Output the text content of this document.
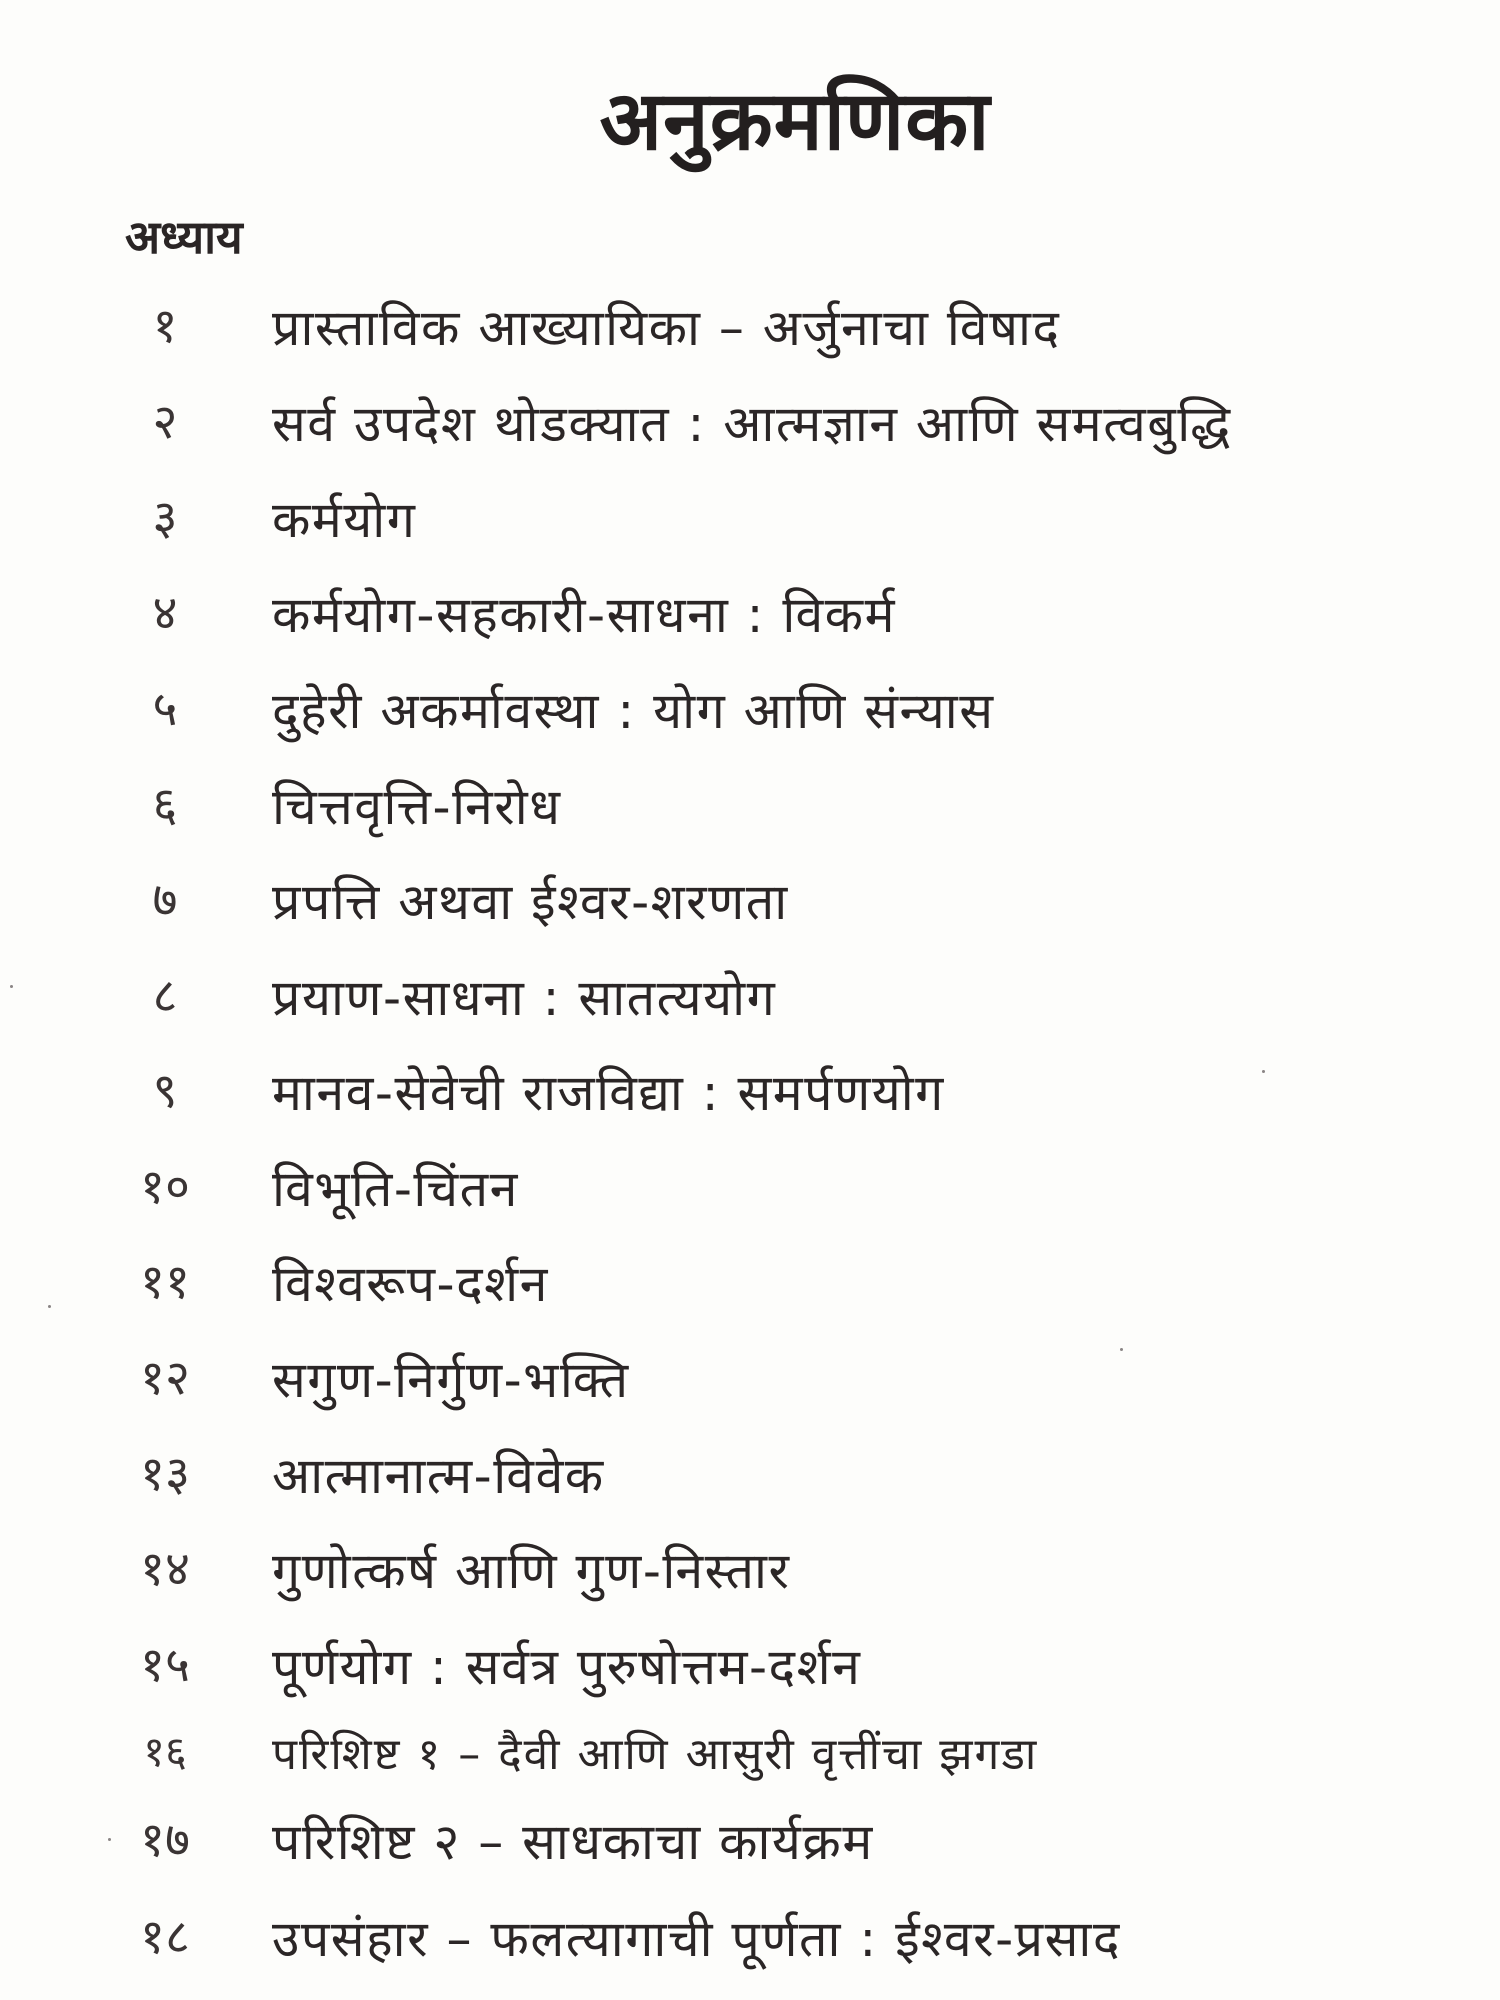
अनुक्रमणिका
अध्याय
१	प्रास्ताविक आख्यायिका – अर्जुनाचा विषाद
२	सर्व उपदेश थोडक्यात : आत्मज्ञान आणि समत्वबुद्धि
३	कर्मयोग
४	कर्मयोग-सहकारी-साधना : विकर्म
५	दुहेरी अकर्मावस्था : योग आणि संन्यास
६	चित्तवृत्ति-निरोध
७	प्रपत्ति अथवा ईश्वर-शरणता
८	प्रयाण-साधना : सातत्ययोग
९	मानव-सेवेची राजविद्या : समर्पणयोग
१०	विभूति-चिंतन
११	विश्वरूप-दर्शन
१२	सगुण-निर्गुण-भक्ति
१३	आत्मानात्म-विवेक
१४	गुणोत्कर्ष आणि गुण-निस्तार
१५	पूर्णयोग : सर्वत्र पुरुषोत्तम-दर्शन
१६	परिशिष्ट १ – दैवी आणि आसुरी वृत्तींचा झगडा
१७	परिशिष्ट २ – साधकाचा कार्यक्रम
१८	उपसंहार – फलत्यागाची पूर्णता : ईश्वर-प्रसाद
